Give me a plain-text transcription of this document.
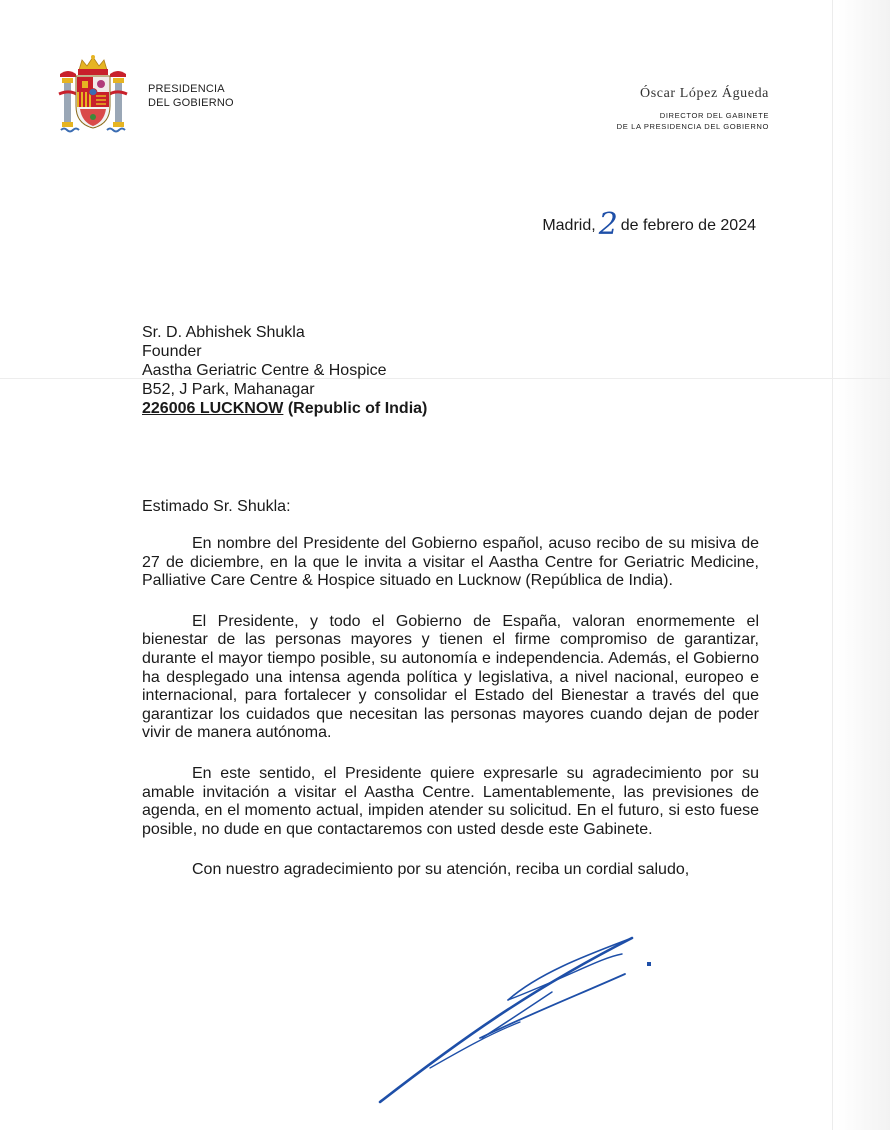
PRESIDENCIA
DEL GOBIERNO
Óscar López Águeda
DIRECTOR DEL GABINETE
DE LA PRESIDENCIA DEL GOBIERNO
Madrid, 2 de febrero de 2024
Sr. D. Abhishek Shukla
Founder
Aastha Geriatric Centre & Hospice
B52, J Park, Mahanagar
226006 LUCKNOW (Republic of India)
Estimado Sr. Shukla:

En nombre del Presidente del Gobierno español, acuso recibo de su misiva de 27 de diciembre, en la que le invita a visitar el Aastha Centre for Geriatric Medicine, Palliative Care Centre & Hospice situado en Lucknow (República de India).

El Presidente, y todo el Gobierno de España, valoran enormemente el bienestar de las personas mayores y tienen el firme compromiso de garantizar, durante el mayor tiempo posible, su autonomía e independencia. Además, el Gobierno ha desplegado una intensa agenda política y legislativa, a nivel nacional, europeo e internacional, para fortalecer y consolidar el Estado del Bienestar a través del que garantizar los cuidados que necesitan las personas mayores cuando dejan de poder vivir de manera autónoma.

En este sentido, el Presidente quiere expresarle su agradecimiento por su amable invitación a visitar el Aastha Centre. Lamentablemente, las previsiones de agenda, en el momento actual, impiden atender su solicitud. En el futuro, si esto fuese posible, no dude en que contactaremos con usted desde este Gabinete.

Con nuestro agradecimiento por su atención, reciba un cordial saludo,
